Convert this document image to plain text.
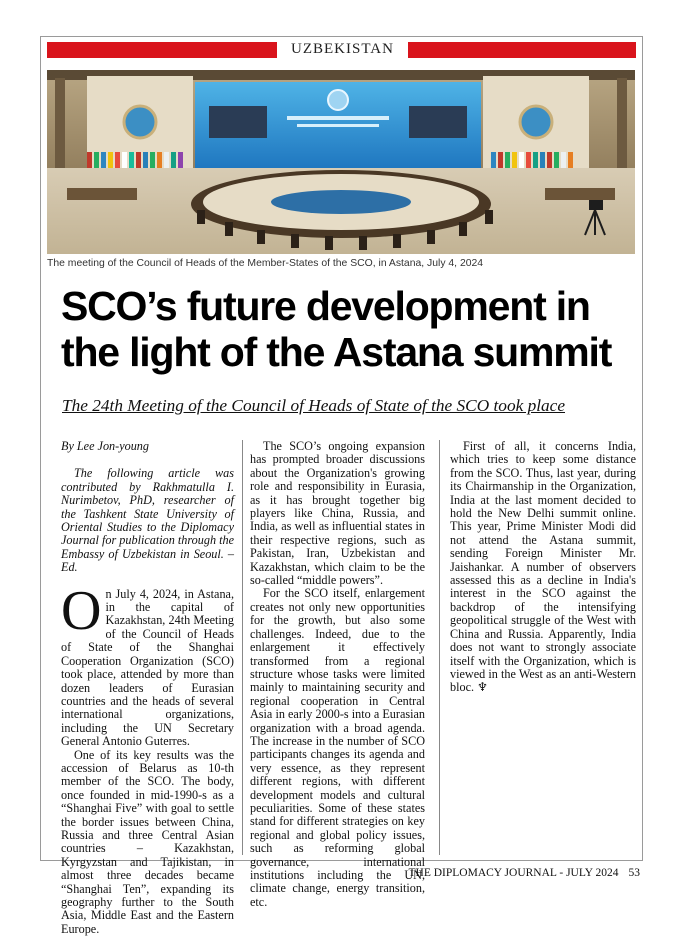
UZBEKISTAN
The meeting of the Council of Heads of the Member-States of the SCO, in Astana, July 4, 2024
SCO’s future development in
the light of the Astana summit
The 24th Meeting of the Council of Heads of State of the SCO took place

By Lee Jon-young

The following article was contributed by Rakhmatulla I. Nurimbetov, PhD, researcher of the Tashkent State University of Oriental Studies to the Diplomacy Journal for publication through the Embassy of Uzbekistan in Seoul. –Ed.

On July 4, 2024, in Astana, in the capital of Kazakhstan, 24th Meeting of the Council of Heads of State of the Shanghai Cooperation Organization (SCO) took place, attended by more than dozen leaders of Eurasian countries and the heads of several international organizations, including the UN Secretary General Antonio Guterres.

One of its key results was the accession of Belarus as 10-th member of the SCO. The body, once founded in mid-1990-s as a “Shanghai Five” with goal to settle the border issues between China, Russia and three Central Asian countries – Kazakhstan, Kyrgyzstan and Tajikistan, in almost three decades became “Shanghai Ten”, expanding its geography further to the South Asia, Middle East and the Eastern Europe.

The SCO’s ongoing expansion has prompted broader discussions about the Organization's growing role and responsibility in Eurasia, as it has brought together big players like China, Russia, and India, as well as influential states in their respective regions, such as Pakistan, Iran, Uzbekistan and Kazakhstan, which claim to be the so-called “middle powers”.

For the SCO itself, enlargement creates not only new opportunities for the growth, but also some challenges. Indeed, due to the enlargement it effectively transformed from a regional structure whose tasks were limited mainly to maintaining security and regional cooperation in Central Asia in early 2000-s into a Eurasian organization with a broad agenda. The increase in the number of SCO participants changes its agenda and very essence, as they represent different regions, with different development models and cultural peculiarities. Some of these states stand for different strategies on key regional and global policy issues, such as reforming global governance, international institutions including the UN, climate change, energy transition, etc.

First of all, it concerns India, which tries to keep some distance from the SCO. Thus, last year, during its Chairmanship in the Organization, India at the last moment decided to hold the New Delhi summit online. This year, Prime Minister Modi did not attend the Astana summit, sending Foreign Minister Mr. Jaishankar. A number of observers assessed this as a decline in India's interest in the SCO against the backdrop of the intensifying geopolitical struggle of the West with China and Russia. Apparently, India does not want to strongly associate itself with the Organization, which is viewed in the West as an anti-Western bloc. ♆

THE DIPLOMACY JOURNAL - JULY 2024 53
